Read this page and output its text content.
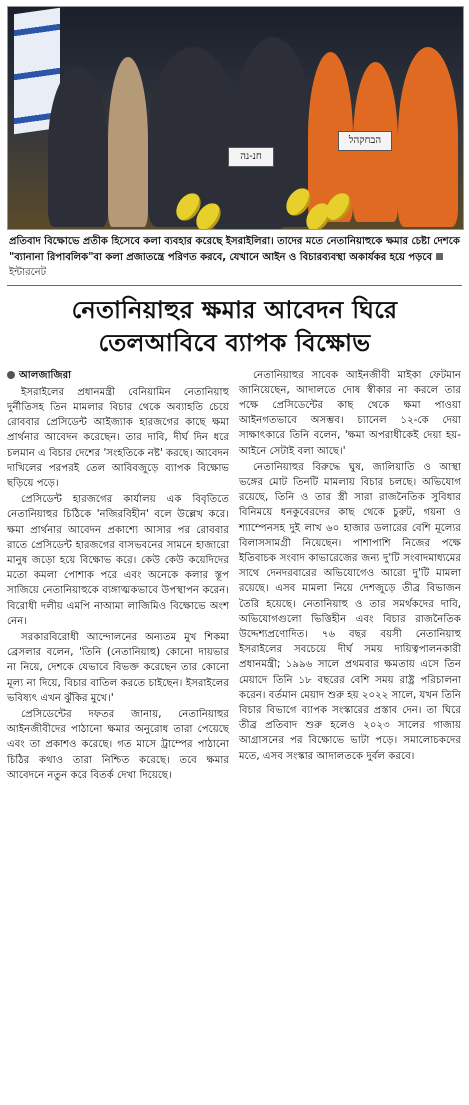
חנ-נה
הבחקהל
প্রতিবাদ বিক্ষোভে প্রতীক হিসেবে কলা ব্যবহার করেছে ইসরাইলিরা। তাদের মতে নেতানিয়াহুকে ক্ষমার চেষ্টা দেশকে "ব্যানানা রিপাবলিক"বা কলা প্রজাতন্ত্রে পরিণত করবে, যেখানে আইন ও বিচারব্যবস্থা অকার্যকর হয়ে পড়বেইন্টারনেট
নেতানিয়াহুর ক্ষমার আবেদন ঘিরে
তেলআবিবে ব্যাপক বিক্ষোভ
আলজাজিরা

ইসরাইলের প্রধানমন্ত্রী বেনিয়ামিন নেতানিয়াহু দুর্নীতিসহ তিন মামলার বিচার থেকে অব্যাহতি চেয়ে রোববার প্রেসিডেন্ট আইজ্যাক হারজগের কাছে ক্ষমা প্রার্থনার আবেদন করেছেন। তার দাবি, দীর্ঘ দিন ধরে চলমান এ বিচার দেশের 'সংহতিকে নষ্ট' করছে। আবেদন দাখিলের পরপরই তেল আবিবজুড়ে ব্যাপক বিক্ষোভ ছড়িয়ে পড়ে।

প্রেসিডেন্ট হারজগের কার্যালয় এক বিবৃতিতে নেতানিয়াহুর চিঠিকে 'নজিরবিহীন' বলে উল্লেখ করে। ক্ষমা প্রার্থনার আবেদন প্রকাশ্যে আসার পর রোববার রাতে প্রেসিডেন্ট হারজগের বাসভবনের সামনে হাজারো মানুষ জড়ো হয়ে বিক্ষোভ করে। কেউ কেউ কয়েদিদের মতো কমলা পোশাক পরে এবং অনেকে কলার স্তূপ সাজিয়ে নেতানিয়াহুকে ব্যঙ্গাত্মকভাবে উপস্থাপন করেন। বিরোধী দলীয় এমপি নাআমা লাজিমিও বিক্ষোভে অংশ নেন।

সরকারবিরোধী আন্দোলনের অন্যতম মুখ শিকমা ব্রেসলার বলেন, 'তিনি (নেতানিয়াহু) কোনো দায়ভার না নিয়ে, দেশকে যেভাবে বিভক্ত করেছেন তার কোনো মূল্য না দিয়ে, বিচার বাতিল করতে চাইছেন। ইসরাইলের ভবিষ্যৎ এখন ঝুঁকির মুখে।'

প্রেসিডেন্টের দফতর জানায়, নেতানিয়াহুর আইনজীবীদের পাঠানো ক্ষমার অনুরোধ তারা পেয়েছে এবং তা প্রকাশও করেছে। গত মাসে ট্রাম্পের পাঠানো চিঠির কথাও তারা নিশ্চিত করেছে। তবে ক্ষমার আবেদনে নতুন করে বিতর্ক দেখা দিয়েছে।

নেতানিয়াহুর সাবেক আইনজীবী মাইকা ফেটমান জানিয়েছেন, আদালতে দোষ স্বীকার না করলে তার পক্ষে প্রেসিডেন্টের কাছ থেকে ক্ষমা পাওয়া আইনগতভাবে অসম্ভব। চ্যানেল ১২-কে দেয়া সাক্ষাৎকারে তিনি বলেন, 'ক্ষমা অপরাধীকেই দেয়া হয়- আইনে সেটাই বলা আছে।'

নেতানিয়াহুর বিরুদ্ধে ঘুষ, জালিয়াতি ও আস্থা ভঙ্গের মোট তিনটি মামলায় বিচার চলছে। অভিযোগ রয়েছে, তিনি ও তার স্ত্রী সারা রাজনৈতিক সুবিধার বিনিময়ে ধনকুবেরদের কাছ থেকে চুরুট, গয়না ও শ্যাম্পেনসহ দুই লাখ ৬০ হাজার ডলারের বেশি মূল্যের বিলাসসামগ্রী নিয়েছেন। পাশাপাশি নিজের পক্ষে ইতিবাচক সংবাদ কাভারেজের জন্য দু'টি সংবাদমাধ্যমের সাথে দেনদরবারের অভিযোগেও আরো দু'টি মামলা রয়েছে। এসব মামলা নিয়ে দেশজুড়ে তীব্র বিভাজন তৈরি হয়েছে। নেতানিয়াহু ও তার সমর্থকদের দাবি, অভিযোগগুলো ভিত্তিহীন এবং বিচার রাজনৈতিক উদ্দেশ্যপ্রণোদিত। ৭৬ বছর বয়সী নেতানিয়াহু ইসরাইলের সবচেয়ে দীর্ঘ সময় দায়িত্বপালনকারী প্রধানমন্ত্রী; ১৯৯৬ সালে প্রথমবার ক্ষমতায় এসে তিন মেয়াদে তিনি ১৮ বছরের বেশি সময় রাষ্ট্র পরিচালনা করেন। বর্তমান মেয়াদ শুরু হয় ২০২২ সালে, যখন তিনি বিচার বিভাগে ব্যাপক সংস্কারের প্রস্তাব দেন। তা ঘিরে তীব্র প্রতিবাদ শুরু হলেও ২০২৩ সালের গাজায় আগ্রাসনের পর বিক্ষোভে ভাটা পড়ে। সমালোচকদের মতে, এসব সংস্কার আদালতকে দুর্বল করবে।
